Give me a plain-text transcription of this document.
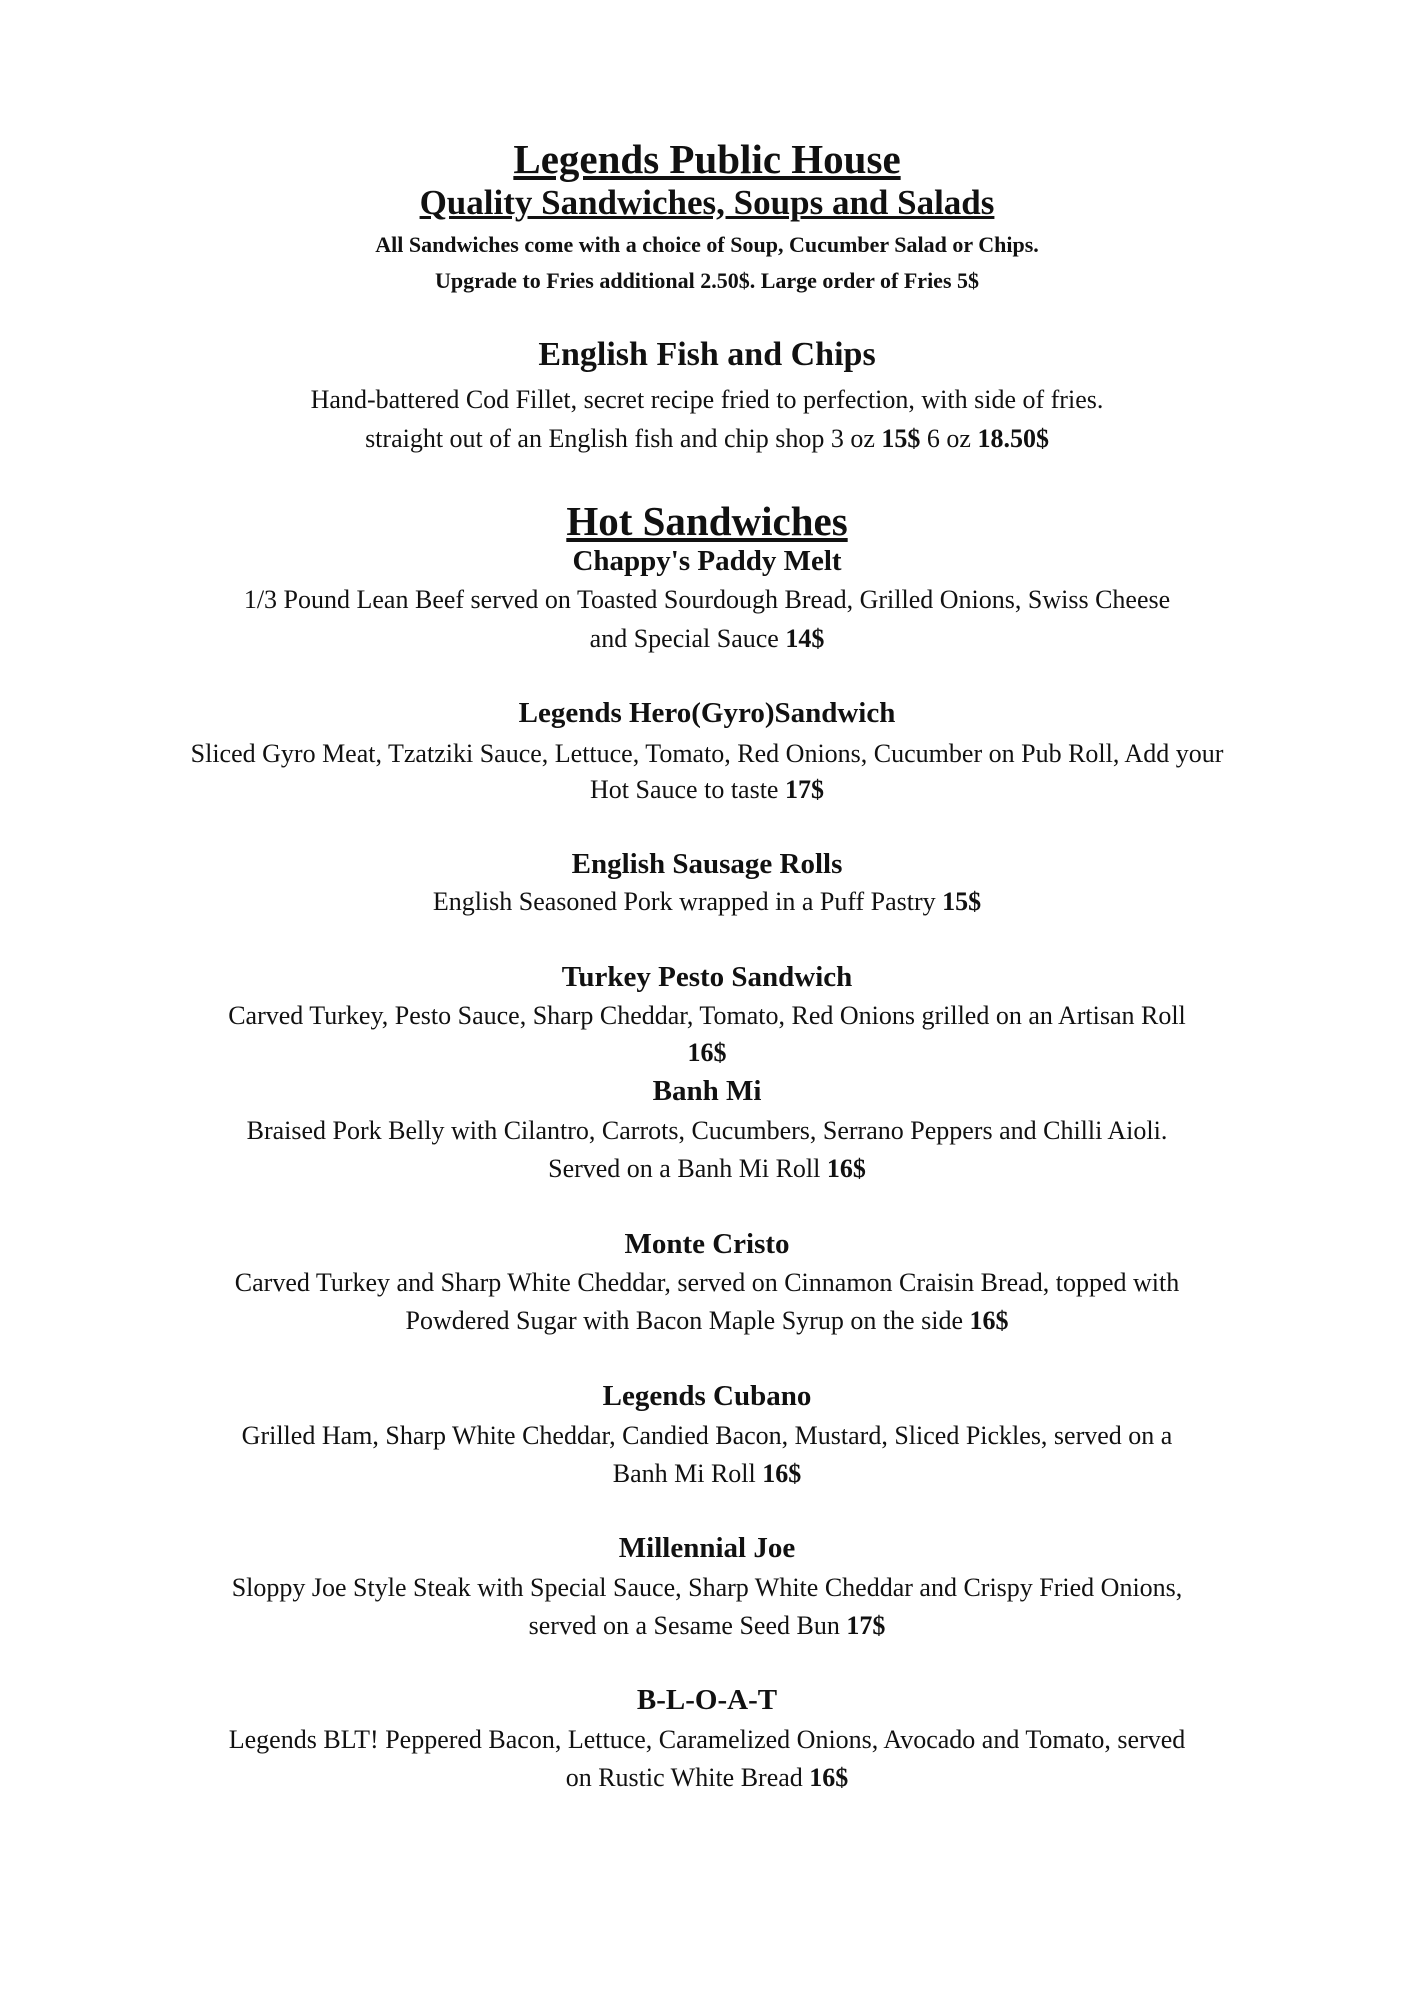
Legends Public House
Quality Sandwiches, Soups and Salads
All Sandwiches come with a choice of Soup, Cucumber Salad or Chips.
Upgrade to Fries additional 2.50$. Large order of Fries 5$
English Fish and Chips
Hand-battered Cod Fillet, secret recipe fried to perfection, with side of fries.
straight out of an English fish and chip shop 3 oz 15$ 6 oz 18.50$
Hot Sandwiches
Chappy's Paddy Melt
1/3 Pound Lean Beef served on Toasted Sourdough Bread, Grilled Onions, Swiss Cheese
and Special Sauce 14$
Legends Hero(Gyro)Sandwich
Sliced Gyro Meat, Tzatziki Sauce, Lettuce, Tomato, Red Onions, Cucumber on Pub Roll, Add your
Hot Sauce to taste 17$
English Sausage Rolls
English Seasoned Pork wrapped in a Puff Pastry 15$
Turkey Pesto Sandwich
Carved Turkey, Pesto Sauce, Sharp Cheddar, Tomato, Red Onions grilled on an Artisan Roll
16$
Banh Mi
Braised Pork Belly with Cilantro, Carrots, Cucumbers, Serrano Peppers and Chilli Aioli.
Served on a Banh Mi Roll 16$
Monte Cristo
Carved Turkey and Sharp White Cheddar, served on Cinnamon Craisin Bread, topped with
Powdered Sugar with Bacon Maple Syrup on the side 16$
Legends Cubano
Grilled Ham, Sharp White Cheddar, Candied Bacon, Mustard, Sliced Pickles, served on a
Banh Mi Roll 16$
Millennial Joe
Sloppy Joe Style Steak with Special Sauce, Sharp White Cheddar and Crispy Fried Onions,
served on a Sesame Seed Bun 17$
B-L-O-A-T
Legends BLT! Peppered Bacon, Lettuce, Caramelized Onions, Avocado and Tomato, served
on Rustic White Bread 16$
